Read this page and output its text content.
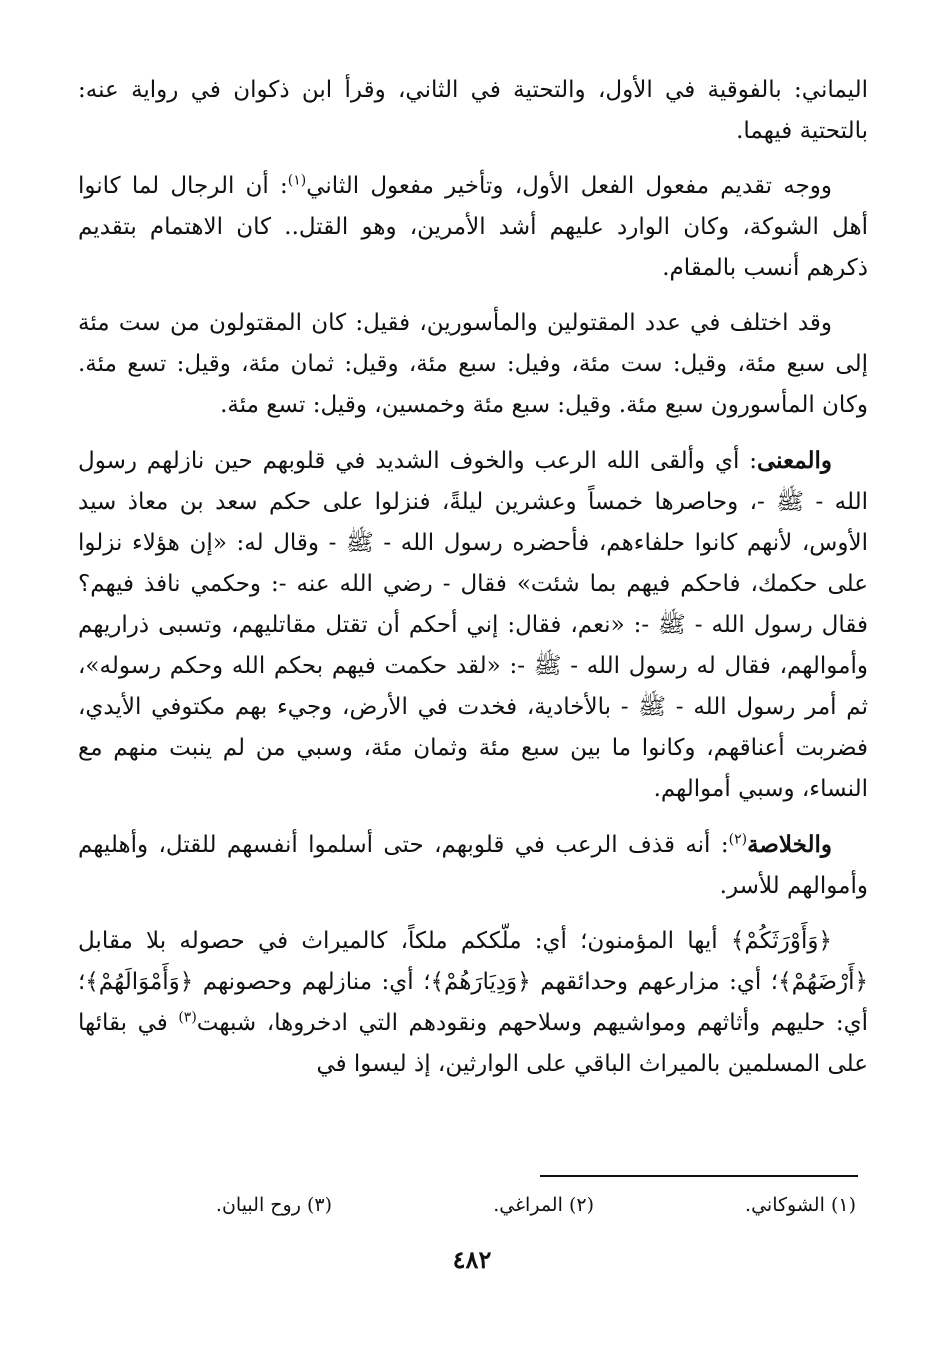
اليماني: بالفوقية في الأول، والتحتية في الثاني، وقرأ ابن ذكوان في رواية عنه: بالتحتية فيهما.

ووجه تقديم مفعول الفعل الأول، وتأخير مفعول الثاني$^{(١)}$: أن الرجال لما كانوا أهل الشوكة، وكان الوارد عليهم أشد الأمرين، وهو القتل.. كان الاهتمام بتقديم ذكرهم أنسب بالمقام.

وقد اختلف في عدد المقتولين والمأسورين، فقيل: كان المقتولون من ست مئة إلى سبع مئة، وقيل: ست مئة، وفيل: سبع مئة، وقيل: ثمان مئة، وقيل: تسع مئة. وكان المأسورون سبع مئة. وقيل: سبع مئة وخمسين، وقيل: تسع مئة.

والمعنى: أي وألقى الله الرعب والخوف الشديد في قلوبهم حين نازلهم رسول الله - ﷺ -، وحاصرها خمساً وعشرين ليلةً، فنزلوا على حكم سعد بن معاذ سيد الأوس، لأنهم كانوا حلفاءهم، فأحضره رسول الله - ﷺ - وقال له: «إن هؤلاء نزلوا على حكمك، فاحكم فيهم بما شئت» فقال - رضي الله عنه -: وحكمي نافذ فيهم؟ فقال رسول الله - ﷺ -: «نعم، فقال: إني أحكم أن تقتل مقاتليهم، وتسبى ذراريهم وأموالهم، فقال له رسول الله - ﷺ -: «لقد حكمت فيهم بحكم الله وحكم رسوله»، ثم أمر رسول الله - ﷺ - بالأخادية، فخدت في الأرض، وجيء بهم مكتوفي الأيدي، فضربت أعناقهم، وكانوا ما بين سبع مئة وثمان مئة، وسبي من لم ينبت منهم مع النساء، وسبي أموالهم.

والخلاصة$^{(٢)}$: أنه قذف الرعب في قلوبهم، حتى أسلموا أنفسهم للقتل، وأهليهم وأموالهم للأسر.

﴿وَأَوْرَثَكُمْ﴾ أيها المؤمنون؛ أي: ملّككم ملكاً، كالميراث في حصوله بلا مقابل ﴿أَرْضَهُمْ﴾؛ أي: مزارعهم وحدائقهم ﴿وَدِيَارَهُمْ﴾؛ أي: منازلهم وحصونهم ﴿وَأَمْوَالَهُمْ﴾؛ أي: حليهم وأثاثهم ومواشيهم وسلاحهم ونقودهم التي ادخروها، شبهت$^{(٣)}$ في بقائها على المسلمين بالميراث الباقي على الوارثين، إذ ليسوا في

(١) الشوكاني.
(٢) المراغي.
(٣) روح البيان.
٤٨٢
